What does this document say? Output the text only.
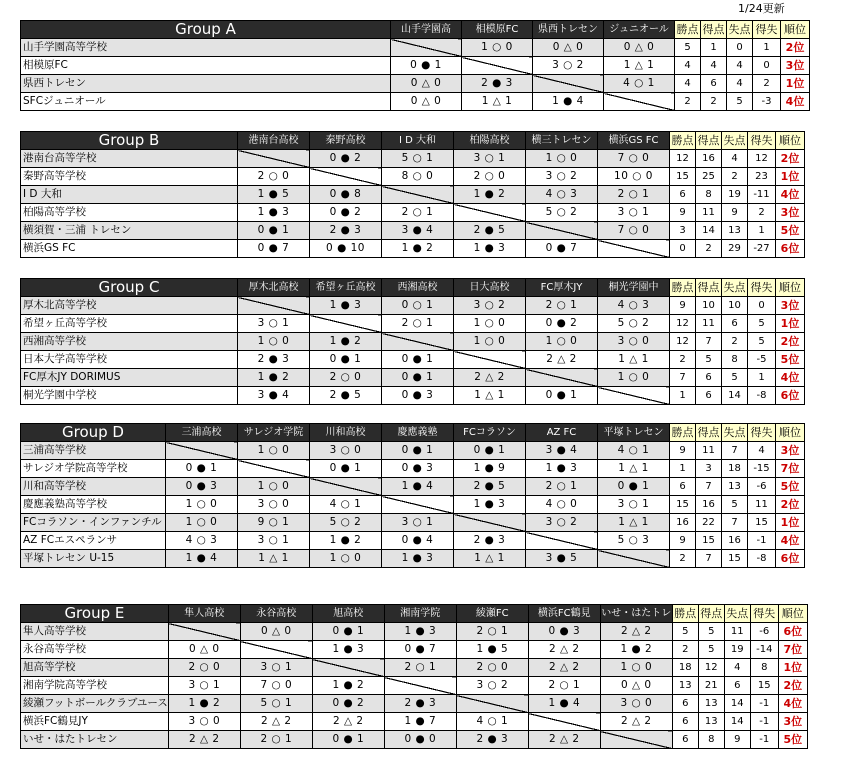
1/24更新
Group A	山手学園高	相模原FC	県西トレセン	ジュニオール	勝点	得点	失点	得失	順位
山手学園高等学校		1 ○ 0	0 △ 0	0 △ 0	5	1	0	1	2位
相模原FC	0 ● 1		3 ○ 2	1 △ 1	4	4	4	0	3位
県西トレセン	0 △ 0	2 ● 3		4 ○ 1	4	6	4	2	1位
SFCジュニオール	0 △ 0	1 △ 1	1 ● 4		2	2	5	-3	4位
Group B	港南台高校	秦野高校	I D 大和	柏陽高校	横三トレセン	横浜GS FC	勝点	得点	失点	得失	順位
港南台高等学校		0 ● 2	5 ○ 1	3 ○ 1	1 ○ 0	7 ○ 0	12	16	4	12	2位
秦野高等学校	2 ○ 0		8 ○ 0	2 ○ 0	3 ○ 2	10 ○ 0	15	25	2	23	1位
I D 大和	1 ● 5	0 ● 8		1 ● 2	4 ○ 3	2 ○ 1	6	8	19	-11	4位
柏陽高等学校	1 ● 3	0 ● 2	2 ○ 1		5 ○ 2	3 ○ 1	9	11	9	2	3位
横須賀・三浦 トレセン	0 ● 1	2 ● 3	3 ● 4	2 ● 5		7 ○ 0	3	14	13	1	5位
横浜GS FC	0 ● 7	0 ● 10	1 ● 2	1 ● 3	0 ● 7		0	2	29	-27	6位
Group C	厚木北高校	希望ヶ丘高校	西湘高校	日大高校	FC厚木JY	桐光学園中	勝点	得点	失点	得失	順位
厚木北高等学校		1 ● 3	0 ○ 1	3 ○ 2	2 ○ 1	4 ○ 3	9	10	10	0	3位
希望ヶ丘高等学校	3 ○ 1		2 ○ 1	1 ○ 0	0 ● 2	5 ○ 2	12	11	6	5	1位
西湘高等学校	1 ○ 0	1 ● 2		1 ○ 0	1 ○ 0	3 ○ 0	12	7	2	5	2位
日本大学高等学校	2 ● 3	0 ● 1	0 ● 1		2 △ 2	1 △ 1	2	5	8	-5	5位
FC厚木JY DORIMUS	1 ● 2	2 ○ 0	0 ● 1	2 △ 2		1 ○ 0	7	6	5	1	4位
桐光学園中学校	3 ● 4	2 ● 5	0 ● 3	1 △ 1	0 ● 1		1	6	14	-8	6位
Group D	三浦高校	サレジオ学院	川和高校	慶應義塾	FCコラソン	AZ FC	平塚トレセン	勝点	得点	失点	得失	順位
三浦高等学校		1 ○ 0	3 ○ 0	0 ● 1	0 ● 1	3 ● 4	4 ○ 1	9	11	7	4	3位
サレジオ学院高等学校	0 ● 1		0 ● 1	0 ● 3	1 ● 9	1 ● 3	1 △ 1	1	3	18	-15	7位
川和高等学校	0 ● 3	1 ○ 0		1 ● 4	2 ● 5	2 ○ 1	0 ● 1	6	7	13	-6	5位
慶應義塾高等学校	1 ○ 0	3 ○ 0	4 ○ 1		1 ● 3	4 ○ 0	3 ○ 1	15	16	5	11	2位
FCコラソン・インファンチル	1 ○ 0	9 ○ 1	5 ○ 2	3 ○ 1		3 ○ 2	1 △ 1	16	22	7	15	1位
AZ FCエスペランサ	4 ○ 3	3 ○ 1	1 ● 2	0 ● 4	2 ● 3		5 ○ 3	9	15	16	-1	4位
平塚トレセン U-15	1 ● 4	1 △ 1	1 ○ 0	1 ● 3	1 △ 1	3 ● 5		2	7	15	-8	6位
Group E	隼人高校	永谷高校	旭高校	湘南学院	綾瀬FC	横浜FC鶴見	いせ・はたトレ	勝点	得点	失点	得失	順位
隼人高等学校		0 △ 0	0 ● 1	1 ● 3	2 ○ 1	0 ● 3	2 △ 2	5	5	11	-6	6位
永谷高等学校	0 △ 0		1 ● 3	0 ● 7	1 ● 5	2 △ 2	1 ● 2	2	5	19	-14	7位
旭高等学校	2 ○ 0	3 ○ 1		2 ○ 1	2 ○ 0	2 △ 2	1 ○ 0	18	12	4	8	1位
湘南学院高等学校	3 ○ 1	7 ○ 0	1 ● 2		3 ○ 2	2 ○ 1	0 △ 0	13	21	6	15	2位
綾瀬フットボールクラブユース	1 ● 2	5 ○ 1	0 ● 2	2 ● 3		1 ● 4	3 ○ 0	6	13	14	-1	4位
横浜FC鶴見JY	3 ○ 0	2 △ 2	2 △ 2	1 ● 7	4 ○ 1		2 △ 2	6	13	14	-1	3位
いせ・はたトレセン	2 △ 2	2 ○ 1	0 ● 1	0 ● 0	2 ● 3	2 △ 2		6	8	9	-1	5位
